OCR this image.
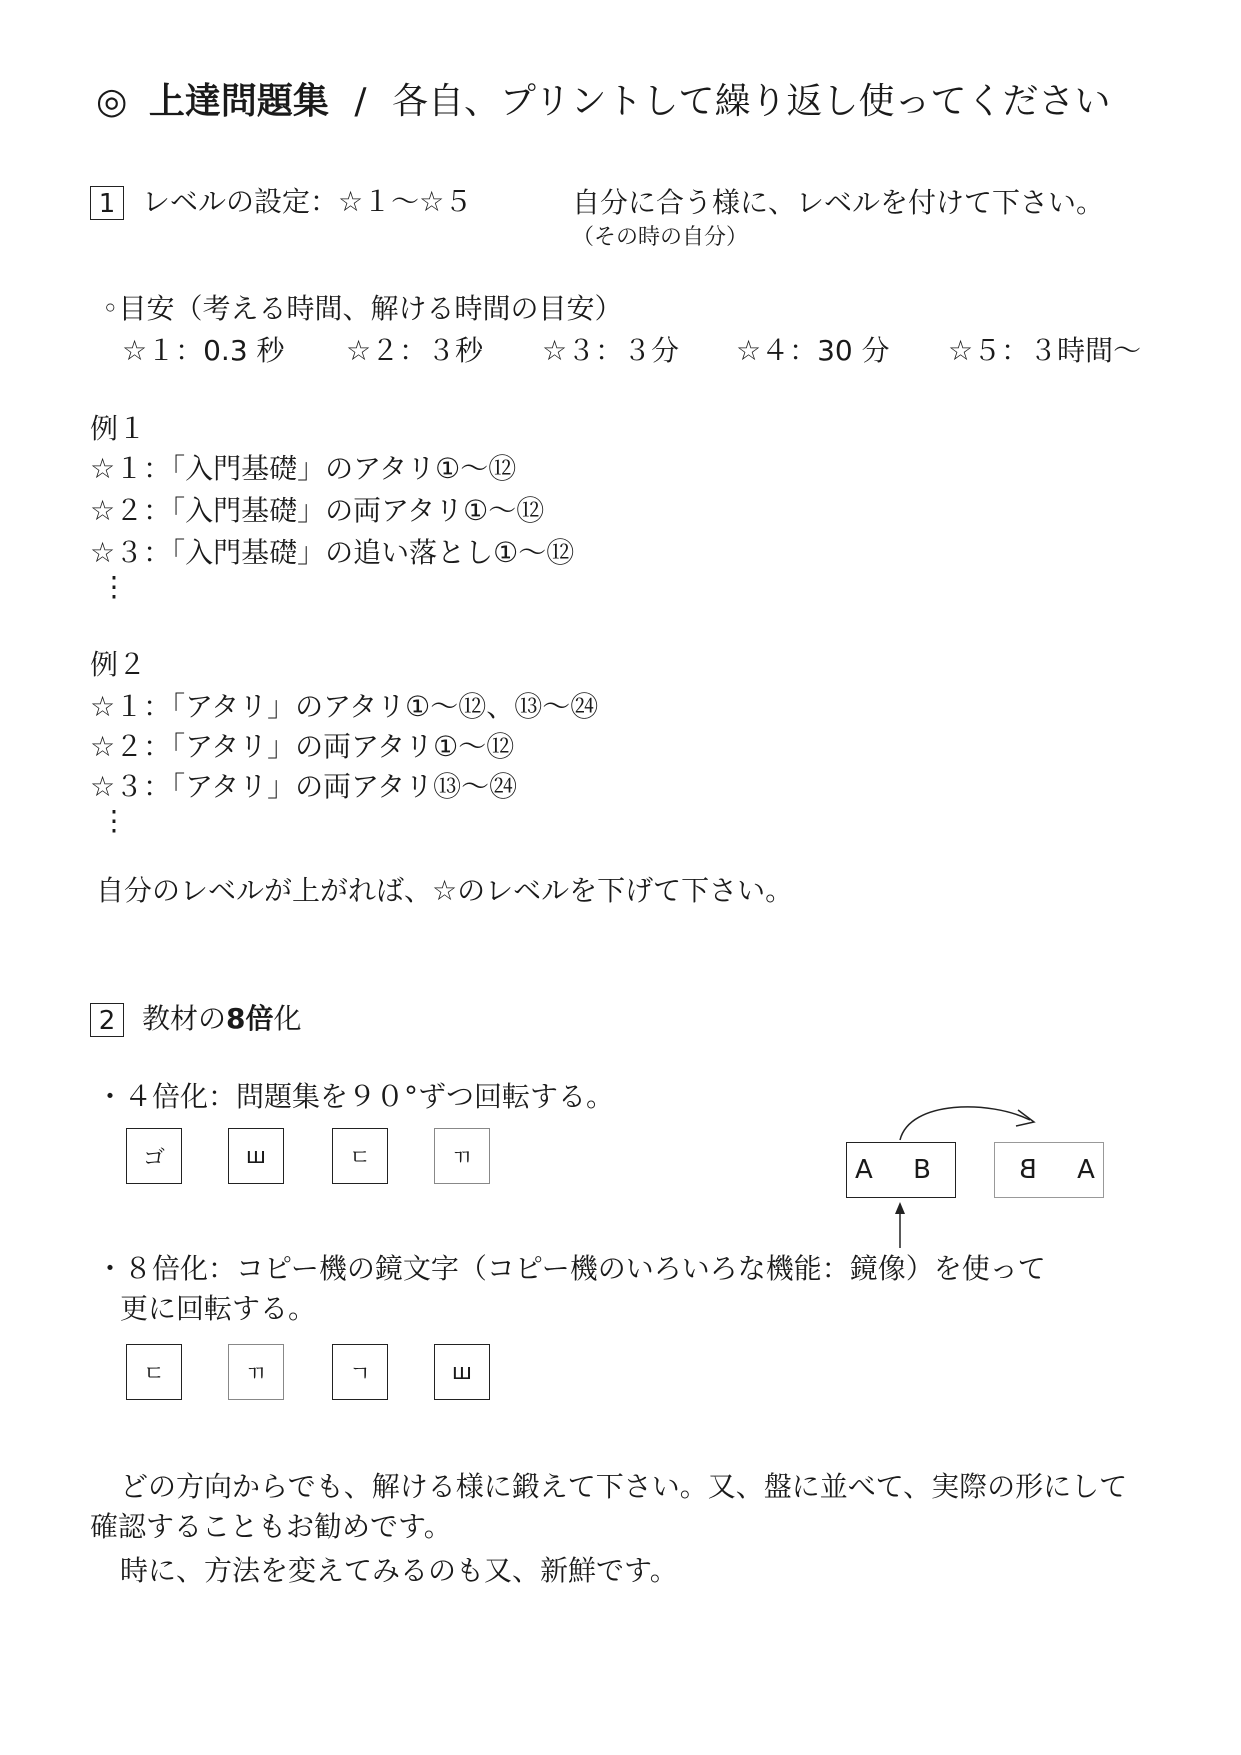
◎ 上達問題集 / 各自、プリントして繰り返し使ってください
1 レベルの設定：☆１～☆５	自分に合う様に、レベルを付けて下さい。
（その時の自分）
◦目安（考える時間、解ける時間の目安）
☆１：0.3 秒 ☆２：３秒 ☆３：３分 ☆４：30 分 ☆５：３時間～
例１
☆１：「入門基礎」のアタリ①～⑫
☆２：「入門基礎」の両アタリ①～⑫
☆３：「入門基礎」の追い落とし①～⑫
⋮
例２
☆１：「アタリ」のアタリ①～⑫、⑬～㉔
☆２：「アタリ」の両アタリ①～⑫
☆３：「アタリ」の両アタリ⑬～㉔
⋮
自分のレベルが上がれば、☆のレベルを下げて下さい。
2 教材の8倍化
・４倍化：問題集を９０°ずつ回転する。
ゴ	ш	ㄷ	ㄲ	A B A B
・８倍化：コピー機の鏡文字（コピー機のいろいろな機能：鏡像）を使って
更に回転する。
ㄷ	ㄲ	ㄱ	ш
どの方向からでも、解ける様に鍛えて下さい。又、盤に並べて、実際の形にして
確認することもお勧めです。
時に、方法を変えてみるのも又、新鮮です。
